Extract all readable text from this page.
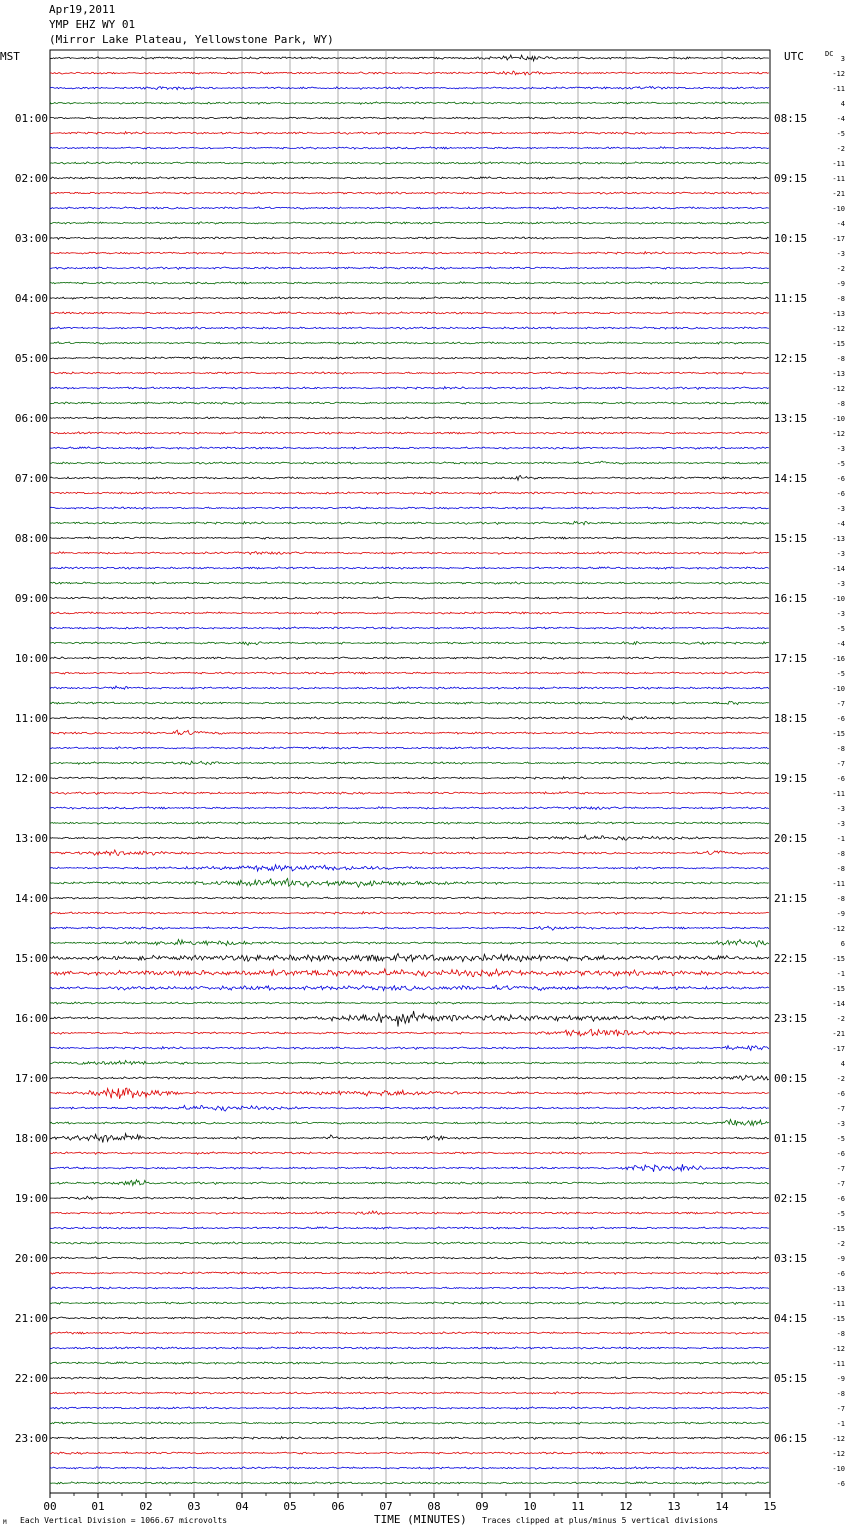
Apr19,2011
YMP EHZ WY 01
(Mirror Lake Plateau, Yellowstone Park, WY)
00	01	02	03	04	05	06	07	08	09	10	11	12	13	14	15
01:00	08:15
02:00	09:15
03:00	10:15
04:00	11:15
05:00	12:15
06:00	13:15
07:00	14:15
08:00	15:15
09:00	16:15
10:00	17:15
11:00	18:15
12:00	19:15
13:00	20:15
14:00	21:15
15:00	22:15
16:00	23:15
17:00	00:15
18:00	01:15
19:00	02:15
20:00	03:15
21:00	04:15
22:00	05:15
23:00	06:15
3
-12
-11
4
-4
-5
-2
-11
-11
-21
-10
-4
-17
-3
-2
-9
-8
-13
-12
-15
-8
-13
-12
-8
-10
-12
-3
-5
-6
-6
-3
-4
-13
-3
-14
-3
-10
-3
-5
-4
-16
-5
-10
-7
-6
-15
-8
-7
-6
-11
-3
-3
-1
-8
-8
-11
-8
-9
-12
6
-15
-1
-15
-14
-2
-21
-17
4
-2
-6
-7
-3
-5
-6
-7
-7
-6
-5
-15
-2
-9
-6
-13
-11
-15
-8
-12
-11
-9
-8
-7
-1
-12
-12
-10
-6
MST	UTC	DC
Each Vertical Division = 1066.67 microvolts	TIME (MINUTES) Traces clipped at plus/minus 5 vertical divisions
M
